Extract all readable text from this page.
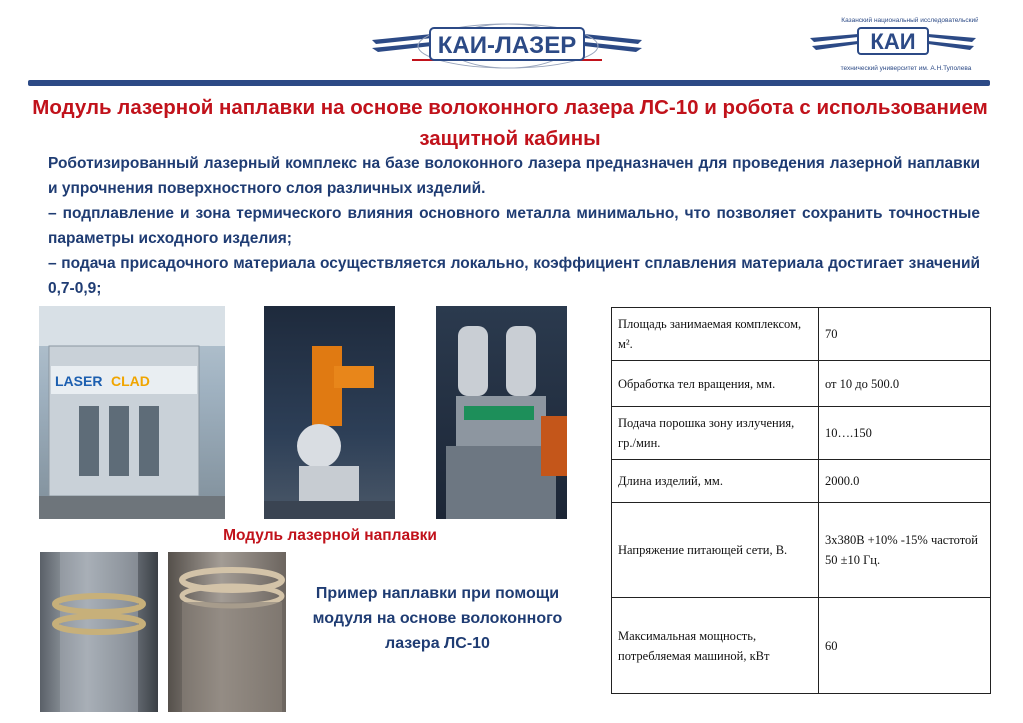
КАИ-ЛАЗЕР
Казанский национальный исследовательский
КАИ
технический университет им. А.Н.Туполева
Модуль лазерной наплавки на основе волоконного лазера ЛС-10 и робота с использованием защитной кабины

Роботизированный лазерный комплекс на базе волоконного лазера предназначен для проведения лазерной наплавки и упрочнения поверхностного слоя различных изделий.

– подплавление и зона термического влияния основного металла минимально, что позволяет сохранить точностные параметры исходного изделия;

– подача присадочного материала осуществляется локально, коэффициент сплавления материала достигает значений 0,7-0,9;

LASER CLAD
Модуль лазерной наплавки
Пример наплавки при помощи модуля на основе волоконного лазера ЛС-10
Площадь занимаемая комплексом, м².	70
Обработка тел вращения, мм.	от 10 до 500.0
Подача порошка зону излучения, гр./мин.	10….150
Длина изделий, мм.	2000.0
Напряжение питающей сети, В.	3х380В +10% -15% частотой 50 ±10 Гц.
Максимальная мощность, потребляемая машиной, кВт	60
